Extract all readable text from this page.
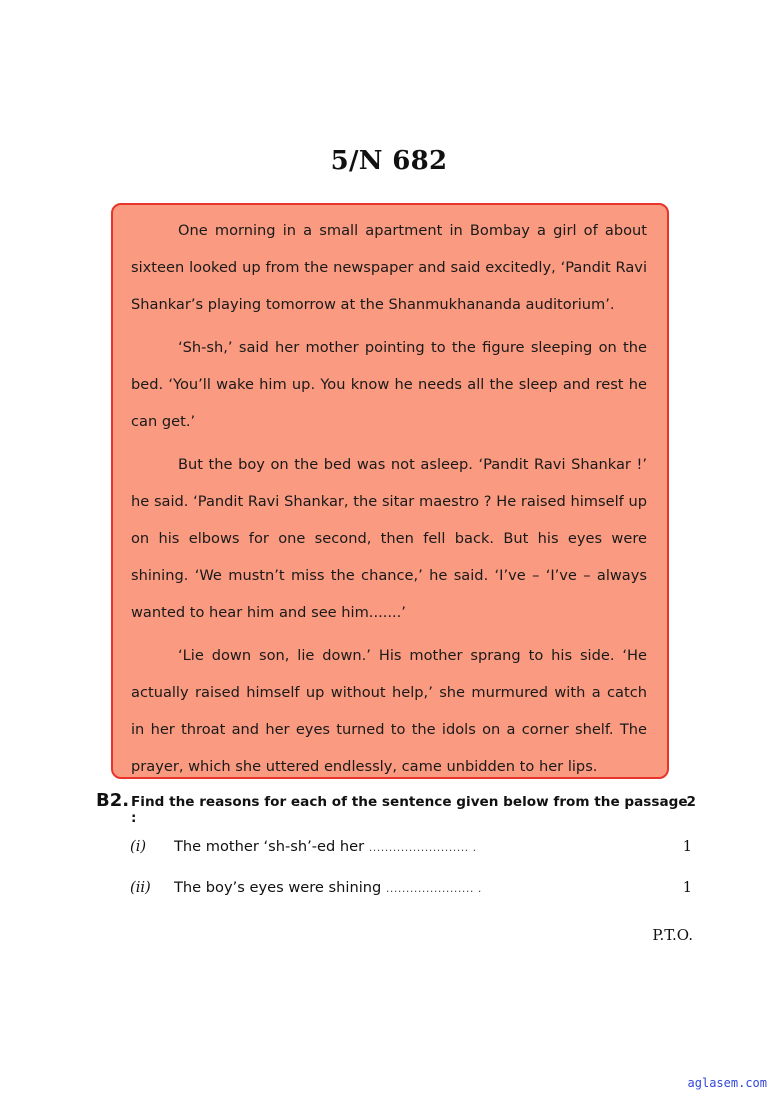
5/N 682

One morning in a small apartment in Bombay a girl of about sixteen looked up from the newspaper and said excitedly, ‘Pandit Ravi Shankar’s playing tomorrow at the Shanmukhananda auditorium’.

‘Sh-sh,’ said her mother pointing to the figure sleeping on the bed. ‘You’ll wake him up. You know he needs all the sleep and rest he can get.’

But the boy on the bed was not asleep. ‘Pandit Ravi Shankar !’ he said. ‘Pandit Ravi Shankar, the sitar maestro ? He raised himself up on his elbows for one second, then fell back. But his eyes were shining. ‘We mustn’t miss the chance,’ he said. ‘I’ve – ‘I’ve – always wanted to hear him and see him.......’

‘Lie down son, lie down.’ His mother sprang to his side. ‘He actually raised himself up without help,’ she murmured with a catch in her throat and her eyes turned to the idols on a corner shelf. The prayer, which she uttered endlessly, came unbidden to her lips.

B2. Find the reasons for each of the sentence given below from the passage :
2
(i) The mother ‘sh-sh’-ed her ......................... .	1
(ii) The boy’s eyes were shining ...................... .	1
P.T.O.
aglasem.com
